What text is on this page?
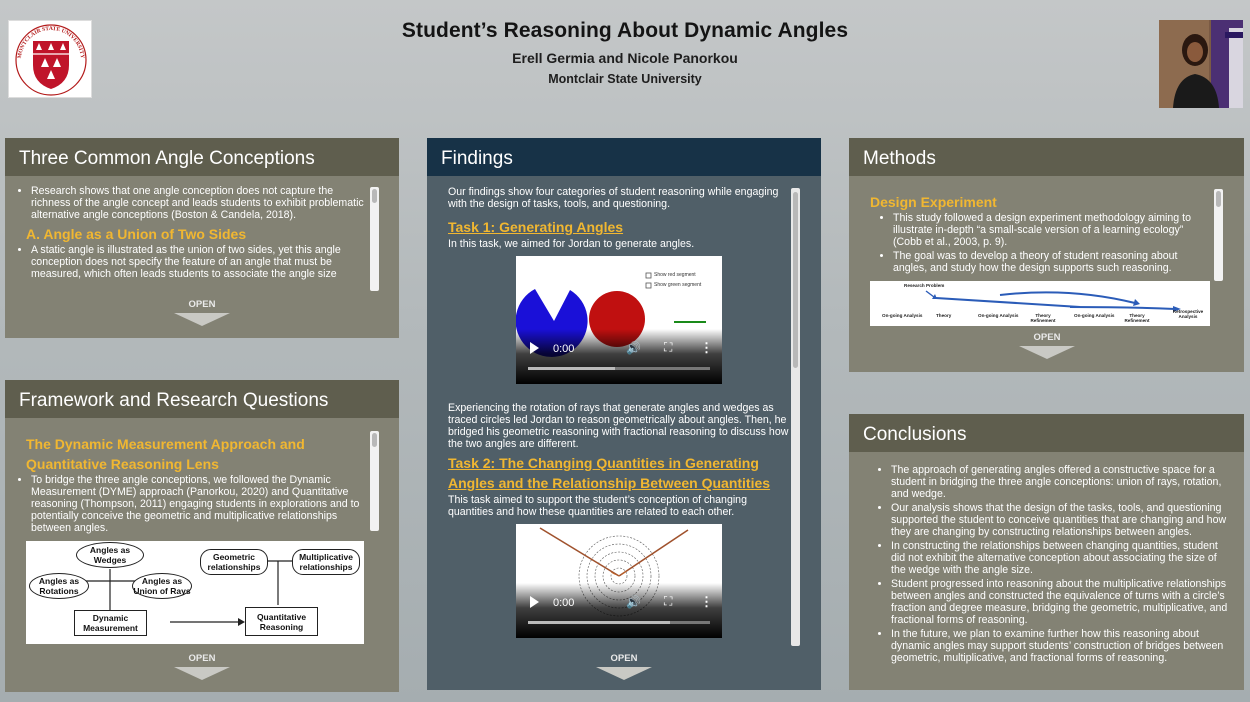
MONTCLAIR STATE UNIVERSITY
Student’s Reasoning About Dynamic Angles
Erell Germia and Nicole Panorkou
Montclair State University
Three Common Angle Conceptions
• Research shows that one angle conception does not capture the richness of the angle concept and leads students to exhibit problematic alternative angle conceptions (Boston & Candela, 2018).
A. Angle as a Union of Two Sides
• A static angle is illustrated as the union of two sides, yet this angle conception does not specify the feature of an angle that must be measured, which often leads students to associate the angle size
OPEN
Framework and Research Questions
The Dynamic Measurement Approach and
Quantitative Reasoning Lens
• To bridge the three angle conceptions, we followed the Dynamic Measurement (DYME) approach (Panorkou, 2020) and Quantitative reasoning (Thompson, 2011) engaging students in explorations and to potentially conceive the geometric and multiplicative relationships between angles.
Angles as Wedges
Angles as Rotations
Angles as Union of Rays
Dynamic Measurement
Geometric relationships
Multiplicative relationships
Quantitative Reasoning
OPEN
Findings
Our findings show four categories of student reasoning while engaging with the design of tasks, tools, and questioning.
Task 1: Generating Angles
In this task, we aimed for Jordan to generate angles.
Show red segment
Show green segment
0:00	🔊 ⛶ ⋮
Experiencing the rotation of rays that generate angles and wedges as traced circles led Jordan to reason geometrically about angles. Then, he bridged his geometric reasoning with fractional reasoning to discuss how the two angles are different.
Task 2: The Changing Quantities in Generating
Angles and the Relationship Between Quantities
This task aimed to support the student’s conception of changing quantities and how these quantities are related to each other.
0:00	🔊 ⛶ ⋮
OPEN
Methods
Design Experiment
• This study followed a design experiment methodology aiming to illustrate in-depth “a small-scale version of a learning ecology” (Cobb et al., 2003, p. 9).
• The goal was to develop a theory of student reasoning about angles, and study how the design supports such reasoning.
Research Problem
On-going Analysis	Theory	On-going Analysis	Theory Refinement
On-going Analysis	Theory Refinement
Retrospective Analysis
OPEN
Conclusions
• The approach of generating angles offered a constructive space for a student in bridging the three angle conceptions: union of rays, rotation, and wedge.
• Our analysis shows that the design of the tasks, tools, and questioning supported the student to conceive quantities that are changing and how they are changing by constructing relationships between angles.
• In constructing the relationships between changing quantities, student did not exhibit the alternative conception about associating the size of the wedge with the angle size.
• Student progressed into reasoning about the multiplicative relationships between angles and constructed the equivalence of turns with a circle’s fraction and degree measure, bridging the geometric, multiplicative, and fractional forms of reasoning.
• In the future, we plan to examine further how this reasoning about dynamic angles may support students’ construction of bridges between geometric, multiplicative, and fractional forms of reasoning.
